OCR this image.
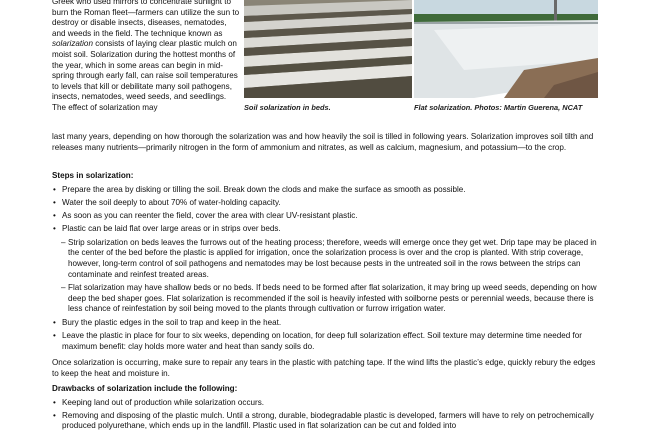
Greek who used mirrors to concentrate sunlight to burn the Roman fleet—farmers can utilize the sun to destroy or disable insects, diseases, nematodes, and weeds in the field. The technique known as solarization consists of laying clear plastic mulch on moist soil. Solarization during the hottest months of the year, which in some areas can begin in mid-spring through early fall, can raise soil temperatures to levels that kill or debilitate many soil pathogens, insects, nematodes, weed seeds, and seedlings. The effect of solarization may	Soil solarization in beds.	Flat solarization. Photos: Martin Guerena, NCAT
last many years, depending on how thorough the solarization was and how heavily the soil is tilled in following years. Solarization improves soil tilth and releases many nutrients—primarily nitrogen in the form of ammonium and nitrates, as well as calcium, magnesium, and potassium—to the crop.
Steps in solarization:
• Prepare the area by disking or tilling the soil. Break down the clods and make the surface as smooth as possible.
• Water the soil deeply to about 70% of water-holding capacity.
• As soon as you can reenter the field, cover the area with clear UV-resistant plastic.
• Plastic can be laid flat over large areas or in strips over beds.
– Strip solarization on beds leaves the furrows out of the heating process; therefore, weeds will emerge once they get wet. Drip tape may be placed in the center of the bed before the plastic is applied for irrigation, once the solarization process is over and the crop is planted. With strip coverage, however, long-term control of soil pathogens and nematodes may be lost because pests in the untreated soil in the rows between the strips can contaminate and reinfest treated areas.
– Flat solarization may have shallow beds or no beds. If beds need to be formed after flat solarization, it may bring up weed seeds, depending on how deep the bed shaper goes. Flat solarization is recommended if the soil is heavily infested with soilborne pests or perennial weeds, because there is less chance of reinfestation by soil being moved to the plants through cultivation or furrow irrigation water.
• Bury the plastic edges in the soil to trap and keep in the heat.
• Leave the plastic in place for four to six weeks, depending on location, for deep full solarization effect. Soil texture may determine time needed for maximum benefit: clay holds more water and heat than sandy soils do.
Once solarization is occurring, make sure to repair any tears in the plastic with patching tape. If the wind lifts the plastic’s edge, quickly rebury the edges to keep the heat and moisture in.
Drawbacks of solarization include the following:
• Keeping land out of production while solarization occurs.
• Removing and disposing of the plastic mulch. Until a strong, durable, biodegradable plastic is developed, farmers will have to rely on petrochemically produced polyurethane, which ends up in the landfill. Plastic used in flat solarization can be cut and folded into
